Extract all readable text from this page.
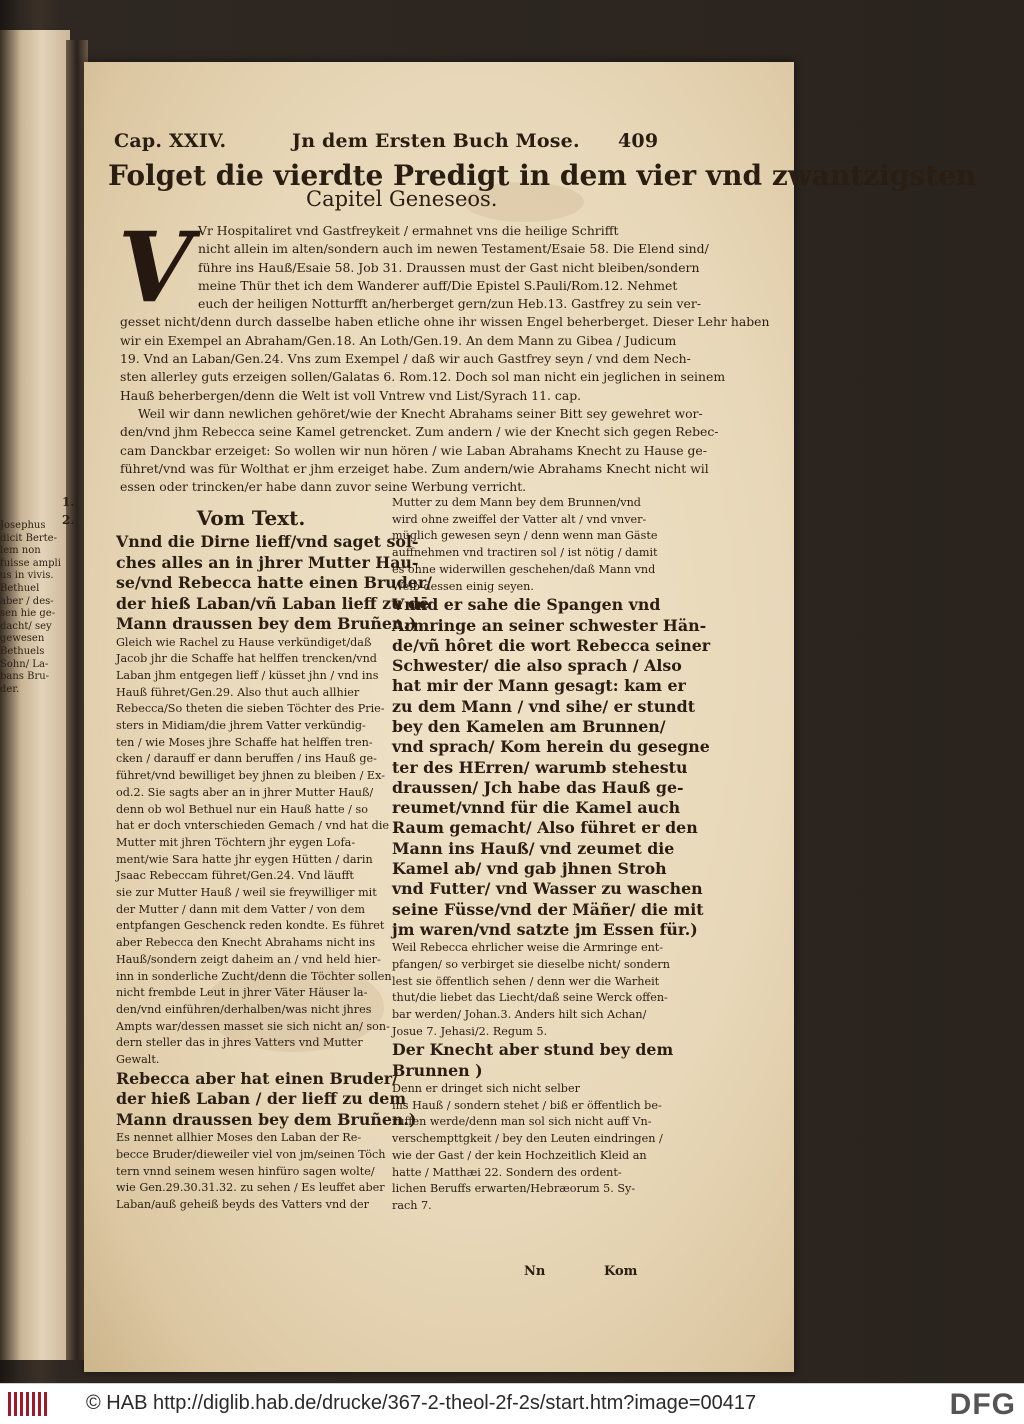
Josephus
dicit Berte-
lem non
fuisse ampli
us in vivis.
Bethuel
aber / des-
sen hie ge-
dacht/ sey
gewesen
Bethuels
Sohn/ La-
bans Bru-
der.
Cap. XXIV.	Jn dem Ersten Buch Mose. 409
Folget die vierdte Predigt in dem vier vnd zwantzigsten
Capitel Geneseos.
V Vr Hospitaliret vnd Gastfreykeit / ermahnet vns die heilige Schrifft
nicht allein im alten/sondern auch im newen Testament/Esaie 58. Die Elend sind/
führe ins Hauß/Esaie 58. Job 31. Draussen must der Gast nicht bleiben/sondern
meine Thür thet ich dem Wanderer auff/Die Epistel S.Pauli/Rom.12. Nehmet
euch der heiligen Notturfft an/herberget gern/zun Heb.13. Gastfrey zu sein ver-
gesset nicht/denn durch dasselbe haben etliche ohne ihr wissen Engel beherberget. Dieser Lehr haben
wir ein Exempel an Abraham/Gen.18. An Loth/Gen.19. An dem Mann zu Gibea / Judicum
19. Vnd an Laban/Gen.24. Vns zum Exempel / daß wir auch Gastfrey seyn / vnd dem Nech-
sten allerley guts erzeigen sollen/Galatas 6. Rom.12. Doch sol man nicht ein jeglichen in seinem
Hauß beherbergen/denn die Welt ist voll Vntrew vnd List/Syrach 11. cap.
Weil wir dann newlichen gehöret/wie der Knecht Abrahams seiner Bitt sey gewehret wor-
den/vnd jhm Rebecca seine Kamel getrencket. Zum andern / wie der Knecht sich gegen Rebec-
cam Danckbar erzeiget: So wollen wir nun hören / wie Laban Abrahams Knecht zu Hause ge-
führet/vnd was für Wolthat er jhm erzeiget habe. Zum andern/wie Abrahams Knecht nicht wil
essen oder trincken/er habe dann zuvor seine Werbung verricht.
1.
2.	Vom Text.
Vnnd die Dirne lieff/vnd saget sol-
ches alles an in jhrer Mutter Hau-
se/vnd Rebecca hatte einen Bruder/
der hieß Laban/vñ Laban lieff zu dē
Mann draussen bey dem Bruñen.)
Gleich wie Rachel zu Hause verkündiget/daß
Jacob jhr die Schaffe hat helffen trencken/vnd
Laban jhm entgegen lieff / küsset jhn / vnd ins
Hauß führet/Gen.29. Also thut auch allhier
Rebecca/So theten die sieben Töchter des Prie-
sters in Midiam/die jhrem Vatter verkündig-
ten / wie Moses jhre Schaffe hat helffen tren-
cken / darauff er dann beruffen / ins Hauß ge-
führet/vnd bewilliget bey jhnen zu bleiben / Ex-
od.2. Sie sagts aber an in jhrer Mutter Hauß/
denn ob wol Bethuel nur ein Hauß hatte / so
hat er doch vnterschieden Gemach / vnd hat die
Mutter mit jhren Töchtern jhr eygen Lofa-
ment/wie Sara hatte jhr eygen Hütten / darin
Jsaac Rebeccam führet/Gen.24. Vnd läufft
sie zur Mutter Hauß / weil sie freywilliger mit
der Mutter / dann mit dem Vatter / von dem
entpfangen Geschenck reden kondte. Es führet
aber Rebecca den Knecht Abrahams nicht ins
Hauß/sondern zeigt daheim an / vnd held hier-
inn in sonderliche Zucht/denn die Töchter sollen
nicht frembde Leut in jhrer Väter Häuser la-
den/vnd einführen/derhalben/was nicht jhres
Ampts war/dessen masset sie sich nicht an/ son-
dern steller das in jhres Vatters vnd Mutter
Gewalt.
Rebecca aber hat einen Bruder/
der hieß Laban / der lieff zu dem
Mann draussen bey dem Bruñen.)
Es nennet allhier Moses den Laban der Re-
becce Bruder/dieweiler viel von jm/seinen Töch
tern vnnd seinem wesen hinfüro sagen wolte/
wie Gen.29.30.31.32. zu sehen / Es leuffet aber
Laban/auß geheiß beyds des Vatters vnd der
Mutter zu dem Mann bey dem Brunnen/vnd
wird ohne zweiffel der Vatter alt / vnd vnver-
müglich gewesen seyn / denn wenn man Gäste
auffnehmen vnd tractiren sol / ist nötig / damit
es ohne widerwillen geschehen/daß Mann vnd
Weib dessen einig seyen.
Vnnd er sahe die Spangen vnd
Armringe an seiner schwester Hän-
de/vñ hôret die wort Rebecca seiner
Schwester/ die also sprach / Also
hat mir der Mann gesagt: kam er
zu dem Mann / vnd sihe/ er stundt
bey den Kamelen am Brunnen/
vnd sprach/ Kom herein du gesegne
ter des HErren/ warumb stehestu
draussen/ Jch habe das Hauß ge-
reumet/vnnd für die Kamel auch
Raum gemacht/ Also führet er den
Mann ins Hauß/ vnd zeumet die
Kamel ab/ vnd gab jhnen Stroh
vnd Futter/ vnd Wasser zu waschen
seine Füsse/vnd der Mäñer/ die mit
jm waren/vnd satzte jm Essen für.)
Weil Rebecca ehrlicher weise die Armringe ent-
pfangen/ so verbirget sie dieselbe nicht/ sondern
lest sie öffentlich sehen / denn wer die Warheit
thut/die liebet das Liecht/daß seine Werck offen-
bar werden/ Johan.3. Anders hilt sich Achan/
Josue 7. Jehasi/2. Regum 5.
Der Knecht aber stund bey dem
Brunnen )
Denn er dringet sich nicht selber
ins Hauß / sondern stehet / biß er öffentlich be-
ruffen werde/denn man sol sich nicht auff Vn-
verschempttgkeit / bey den Leuten eindringen /
wie der Gast / der kein Hochzeitlich Kleid an
hatte / Matthæi 22. Sondern des ordent-
lichen Beruffs erwarten/Hebræorum 5. Sy-
rach 7.
Nn	Kom
© HAB http://diglib.hab.de/drucke/367-2-theol-2f-2s/start.htm?image=00417	DFG
